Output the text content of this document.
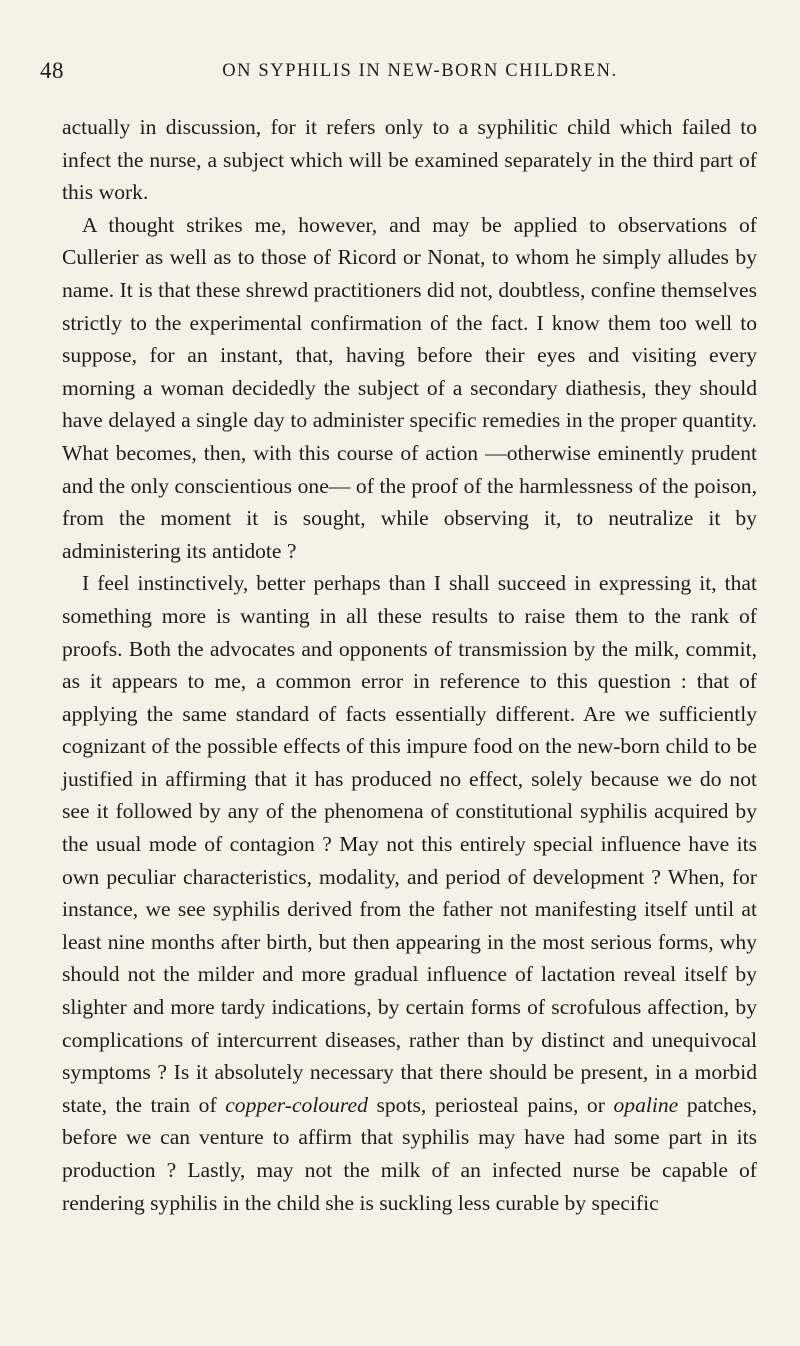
48	ON SYPHILIS IN NEW-BORN CHILDREN.

actually in discussion, for it refers only to a syphilitic child which failed to infect the nurse, a subject which will be examined separately in the third part of this work.

A thought strikes me, however, and may be applied to observations of Cullerier as well as to those of Ricord or Nonat, to whom he simply alludes by name. It is that these shrewd practitioners did not, doubtless, confine themselves strictly to the experimental confirmation of the fact. I know them too well to suppose, for an instant, that, having before their eyes and visiting every morning a woman decidedly the subject of a secondary diathesis, they should have delayed a single day to administer specific remedies in the proper quantity. What becomes, then, with this course of action —otherwise eminently prudent and the only conscientious one— of the proof of the harmlessness of the poison, from the moment it is sought, while observing it, to neutralize it by administering its antidote ?

I feel instinctively, better perhaps than I shall succeed in expressing it, that something more is wanting in all these results to raise them to the rank of proofs. Both the advocates and opponents of transmission by the milk, commit, as it appears to me, a common error in reference to this question : that of applying the same standard of facts essentially different. Are we sufficiently cognizant of the possible effects of this impure food on the new-born child to be justified in affirming that it has produced no effect, solely because we do not see it followed by any of the phenomena of constitutional syphilis acquired by the usual mode of contagion ? May not this entirely special influence have its own peculiar characteristics, modality, and period of development ? When, for instance, we see syphilis derived from the father not manifesting itself until at least nine months after birth, but then appearing in the most serious forms, why should not the milder and more gradual influence of lactation reveal itself by slighter and more tardy indications, by certain forms of scrofulous affection, by complications of intercurrent diseases, rather than by distinct and unequivocal symptoms ? Is it absolutely necessary that there should be present, in a morbid state, the train of copper-coloured spots, periosteal pains, or opaline patches, before we can venture to affirm that syphilis may have had some part in its production ? Lastly, may not the milk of an infected nurse be capable of rendering syphilis in the child she is suckling less curable by specific
